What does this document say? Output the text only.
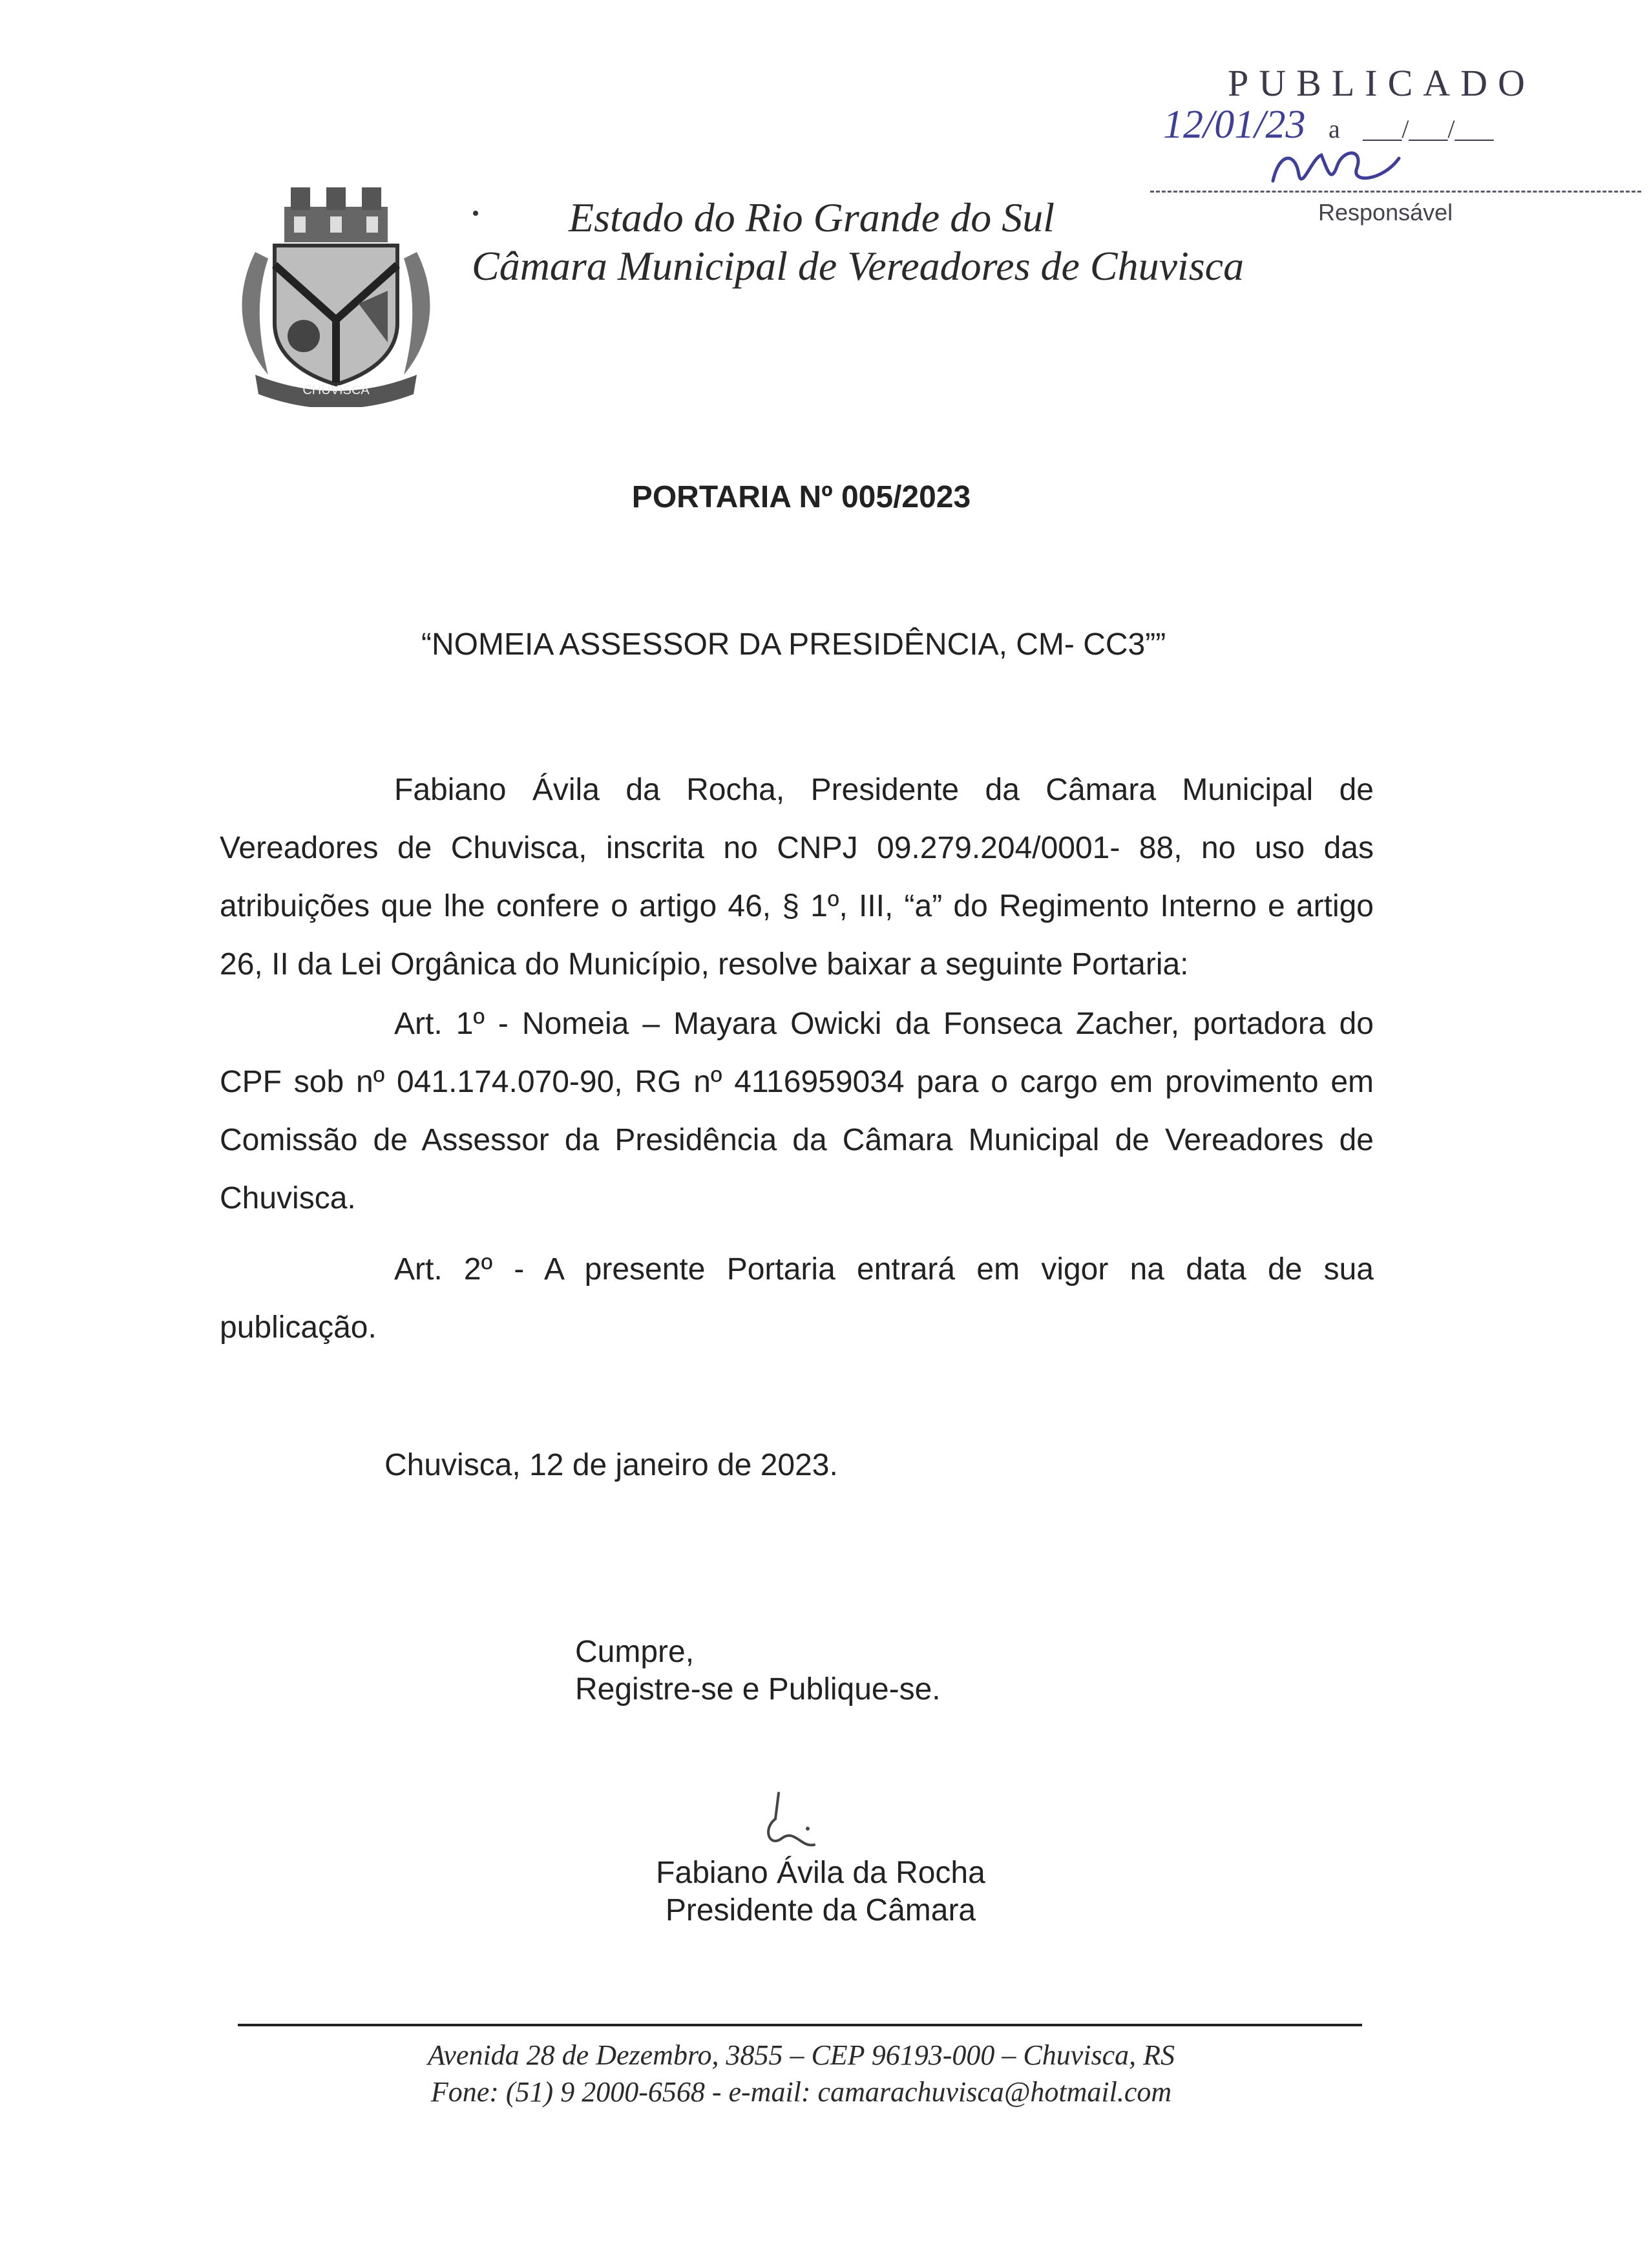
PUBLICADO
12/01/23 a ___/___/___
Responsável
CHUVISCA
Estado do Rio Grande do Sul
Câmara Municipal de Vereadores de Chuvisca
PORTARIA Nº 005/2023
“NOMEIA ASSESSOR DA PRESIDÊNCIA, CM- CC3””
Fabiano Ávila da Rocha, Presidente da Câmara Municipal de Vereadores de Chuvisca, inscrita no CNPJ 09.279.204/0001- 88, no uso das atribuições que lhe confere o artigo 46, § 1º, III, “a” do Regimento Interno e artigo 26, II da Lei Orgânica do Município, resolve baixar a seguinte Portaria:
Art. 1º - Nomeia – Mayara Owicki da Fonseca Zacher, portadora do CPF sob nº 041.174.070-90, RG nº 4116959034 para o cargo em provimento em Comissão de Assessor da Presidência da Câmara Municipal de Vereadores de Chuvisca.
Art. 2º - A presente Portaria entrará em vigor na data de sua publicação.
Chuvisca, 12 de janeiro de 2023.
Cumpre,
Registre-se e Publique-se.
Fabiano Ávila da Rocha
Presidente da Câmara
Avenida 28 de Dezembro, 3855 – CEP 96193-000 – Chuvisca, RS
Fone: (51) 9 2000-6568 - e-mail: camarachuvisca@hotmail.com
